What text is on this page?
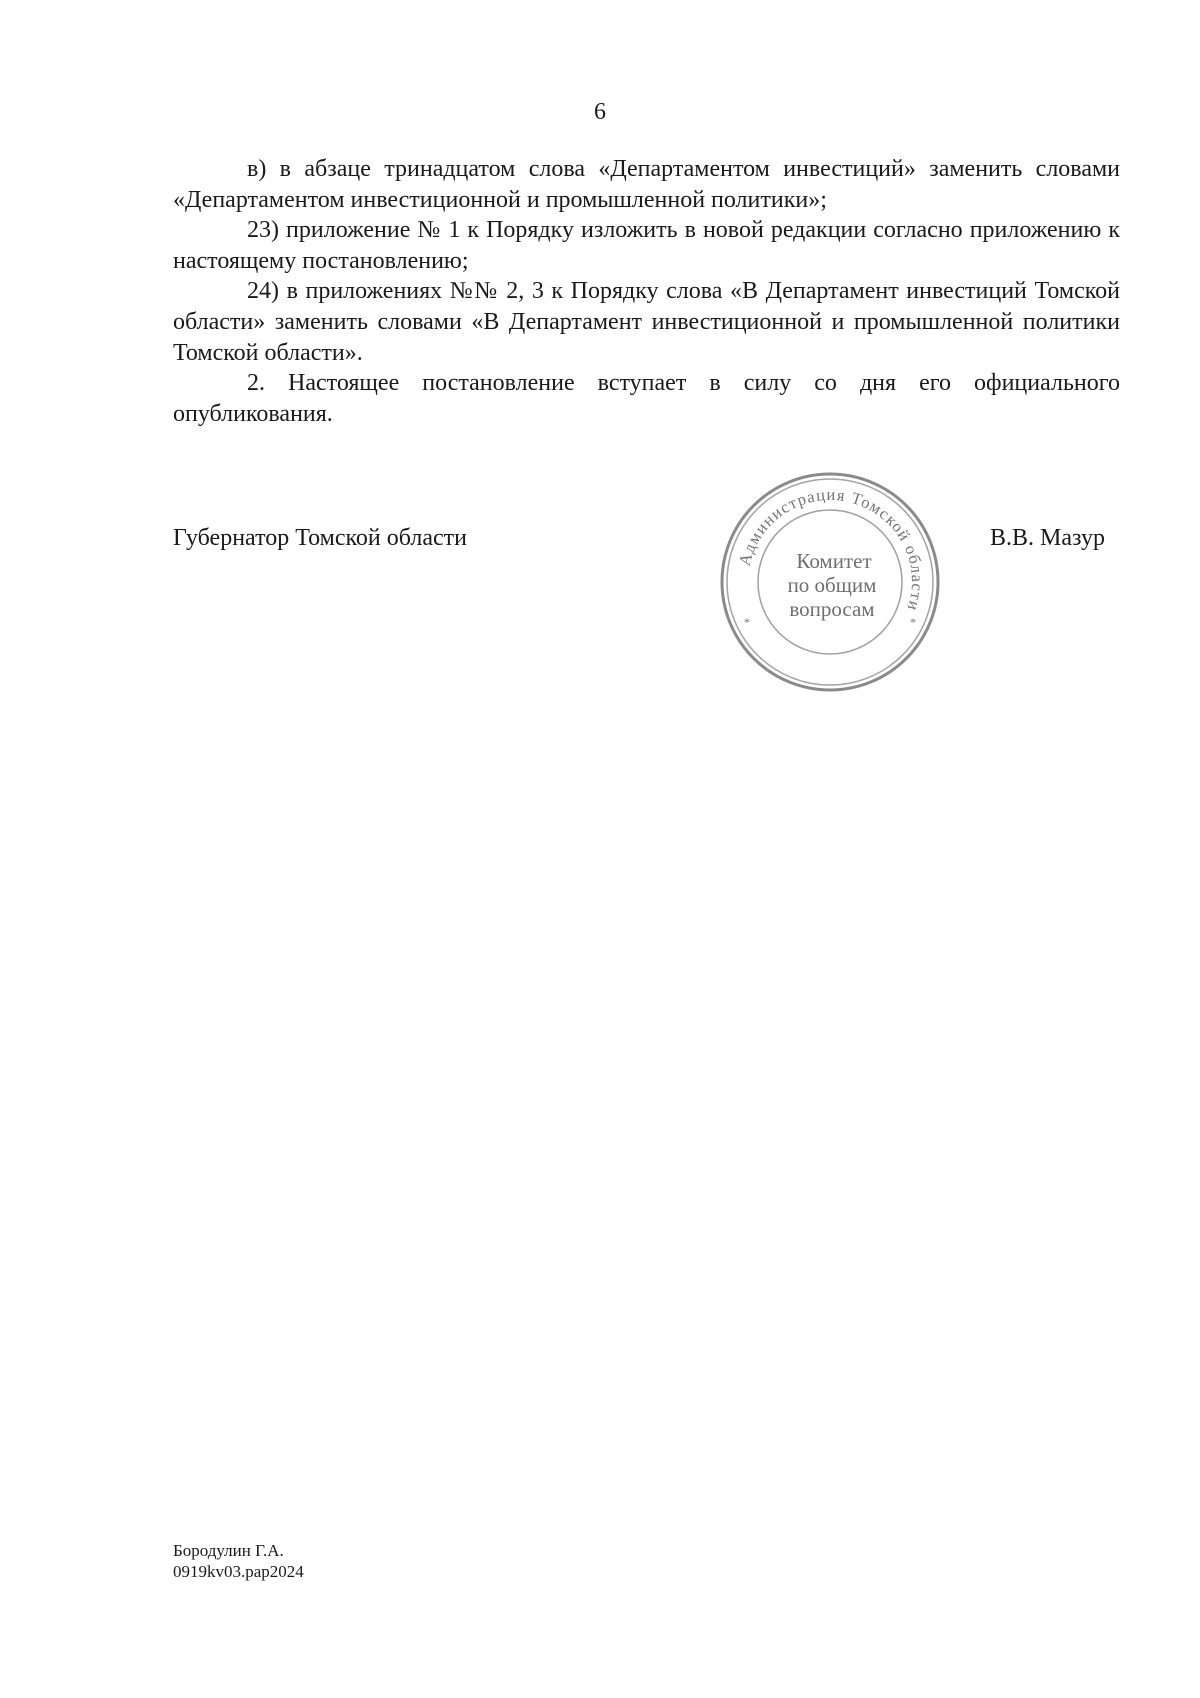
6

в) в абзаце тринадцатом слова «Департаментом инвестиций» заменить словами «Департаментом инвестиционной и промышленной политики»;

23) приложение № 1 к Порядку изложить в новой редакции согласно приложению к настоящему постановлению;

24) в приложениях №№ 2, 3 к Порядку слова «В Департамент инвестиций Томской области» заменить словами «В Департамент инвестиционной и промышленной политики Томской области».

2. Настоящее постановление вступает в силу со дня его официального опубликования.

Губернатор Томской области
Администрация Томской области
*	*
Комитет
по общим
вопросам
В.В. Мазур
Бородулин Г.А.
0919kv03.pap2024
